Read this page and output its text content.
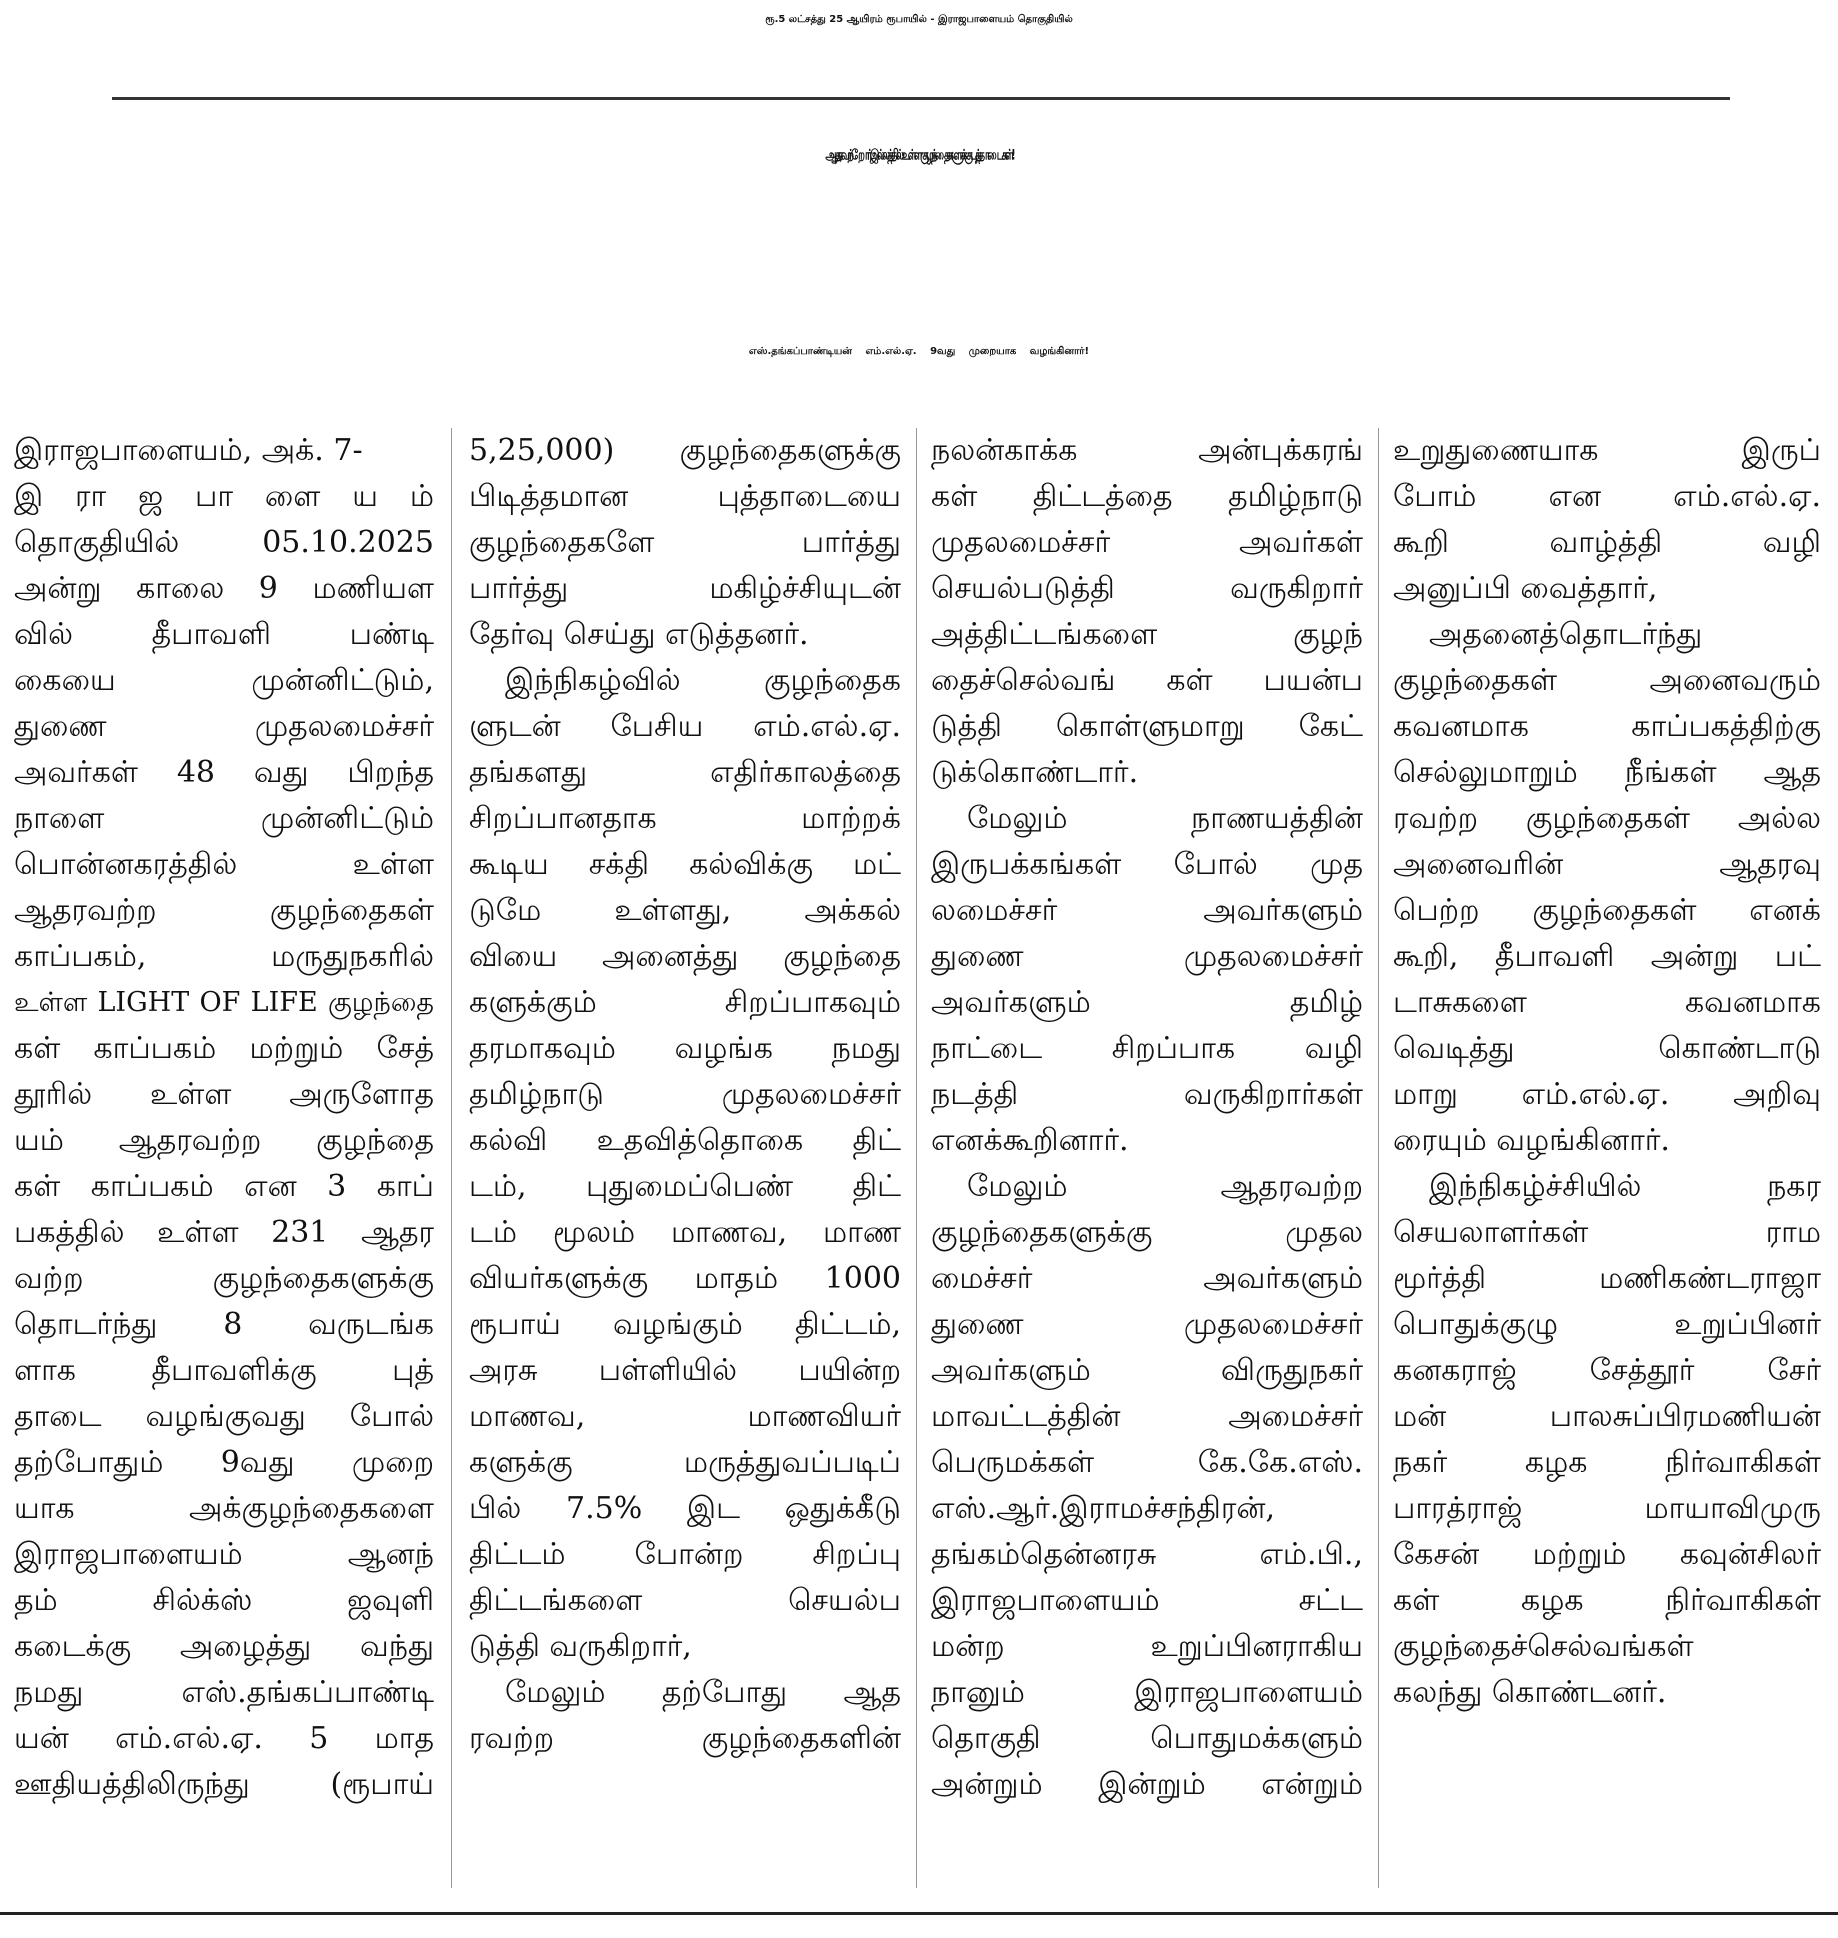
ரூ.5 லட்சத்து 25 ஆயிரம் ரூபாயில் - இராஜபாளையம் தொகுதியில்
ஆதரவற்றோர் இல்லத்தில் உள்ள குழந்தைகளுக்கு புத்தாடைகள்!
எஸ்.தங்கப்பாண்டியன் எம்.எல்.ஏ. 9வது முறையாக வழங்கினார்!

இராஜபாளையம், அக். 7-

இ ரா ஜ பா ளை ய ம்

தொகுதியில் 05.10.2025

அன்று காலை 9 மணியள

வில் தீபாவளி பண்டி

கையை முன்னிட்டும்,

துணை முதலமைச்சர்

அவர்கள் 48 வது பிறந்த

நாளை முன்னிட்டும்

பொன்னகரத்தில் உள்ள

ஆதரவற்ற குழந்தைகள்

காப்பகம், மருதுநகரில்

உள்ள LIGHT OF LIFE குழந்தை

கள் காப்பகம் மற்றும் சேத்

தூரில் உள்ள அருளோத

யம் ஆதரவற்ற குழந்தை

கள் காப்பகம் என 3 காப்

பகத்தில் உள்ள 231 ஆதர

வற்ற குழந்தைகளுக்கு

தொடர்ந்து 8 வருடங்க

ளாக தீபாவளிக்கு புத்

தாடை வழங்குவது போல்

தற்போதும் 9வது முறை

யாக அக்குழந்தைகளை

இராஜபாளையம் ஆனந்

தம் சில்க்ஸ் ஜவுளி

கடைக்கு அழைத்து வந்து

நமது எஸ்.தங்கப்பாண்டி

யன் எம்.எல்.ஏ. 5 மாத

ஊதியத்திலிருந்து (ரூபாய்

5,25,000) குழந்தைகளுக்கு

பிடித்தமான புத்தாடையை

குழந்தைகளே பார்த்து

பார்த்து மகிழ்ச்சியுடன்

தேர்வு செய்து எடுத்தனர்.

இந்நிகழ்வில் குழந்தைக

ளுடன் பேசிய எம்.எல்.ஏ.

தங்களது எதிர்காலத்தை

சிறப்பானதாக மாற்றக்

கூடிய சக்தி கல்விக்கு மட்

டுமே உள்ளது, அக்கல்

வியை அனைத்து குழந்தை

களுக்கும் சிறப்பாகவும்

தரமாகவும் வழங்க நமது

தமிழ்நாடு முதலமைச்சர்

கல்வி உதவித்தொகை திட்

டம், புதுமைப்பெண் திட்

டம் மூலம் மாணவ, மாண

வியர்களுக்கு மாதம் 1000

ரூபாய் வழங்கும் திட்டம்,

அரசு பள்ளியில் பயின்ற

மாணவ, மாணவியர்

களுக்கு மருத்துவப்படிப்

பில் 7.5% இட ஒதுக்கீடு

திட்டம் போன்ற சிறப்பு

திட்டங்களை செயல்ப

டுத்தி வருகிறார்,

மேலும் தற்போது ஆத

ரவற்ற குழந்தைகளின்

நலன்காக்க அன்புக்கரங்

கள் திட்டத்தை தமிழ்நாடு

முதலமைச்சர் அவர்கள்

செயல்படுத்தி வருகிறார்

அத்திட்டங்களை குழந்

தைச்செல்வங் கள் பயன்ப

டுத்தி கொள்ளுமாறு கேட்

டுக்கொண்டார்.

மேலும் நாணயத்தின்

இருபக்கங்கள் போல் முத

லமைச்சர் அவர்களும்

துணை முதலமைச்சர்

அவர்களும் தமிழ்

நாட்டை சிறப்பாக வழி

நடத்தி வருகிறார்கள்

எனக்கூறினார்.

மேலும் ஆதரவற்ற

குழந்தைகளுக்கு முதல

மைச்சர் அவர்களும்

துணை முதலமைச்சர்

அவர்களும் விருதுநகர்

மாவட்டத்தின் அமைச்சர்

பெருமக்கள் கே.கே.எஸ்.

எஸ்.ஆர்.இராமச்சந்திரன்,

தங்கம்தென்னரசு எம்.பி.,

இராஜபாளையம் சட்ட

மன்ற உறுப்பினராகிய

நானும் இராஜபாளையம்

தொகுதி பொதுமக்களும்

அன்றும் இன்றும் என்றும்

உறுதுணையாக இருப்

போம் என எம்.எல்.ஏ.

கூறி வாழ்த்தி வழி

அனுப்பி வைத்தார்,

அதனைத்தொடர்ந்து

குழந்தைகள் அனைவரும்

கவனமாக காப்பகத்திற்கு

செல்லுமாறும் நீங்கள் ஆத

ரவற்ற குழந்தைகள் அல்ல

அனைவரின் ஆதரவு

பெற்ற குழந்தைகள் எனக்

கூறி, தீபாவளி அன்று பட்

டாசுகளை கவனமாக

வெடித்து கொண்டாடு

மாறு எம்.எல்.ஏ. அறிவு

ரையும் வழங்கினார்.

இந்நிகழ்ச்சியில் நகர

செயலாளர்கள் ராம

மூர்த்தி மணிகண்டராஜா

பொதுக்குழு உறுப்பினர்

கனகராஜ் சேத்தூர் சேர்

மன் பாலசுப்பிரமணியன்

நகர் கழக நிர்வாகிகள்

பாரத்ராஜ் மாயாவிமுரு

கேசன் மற்றும் கவுன்சிலர்

கள் கழக நிர்வாகிகள்

குழந்தைச்செல்வங்கள்

கலந்து கொண்டனர்.
